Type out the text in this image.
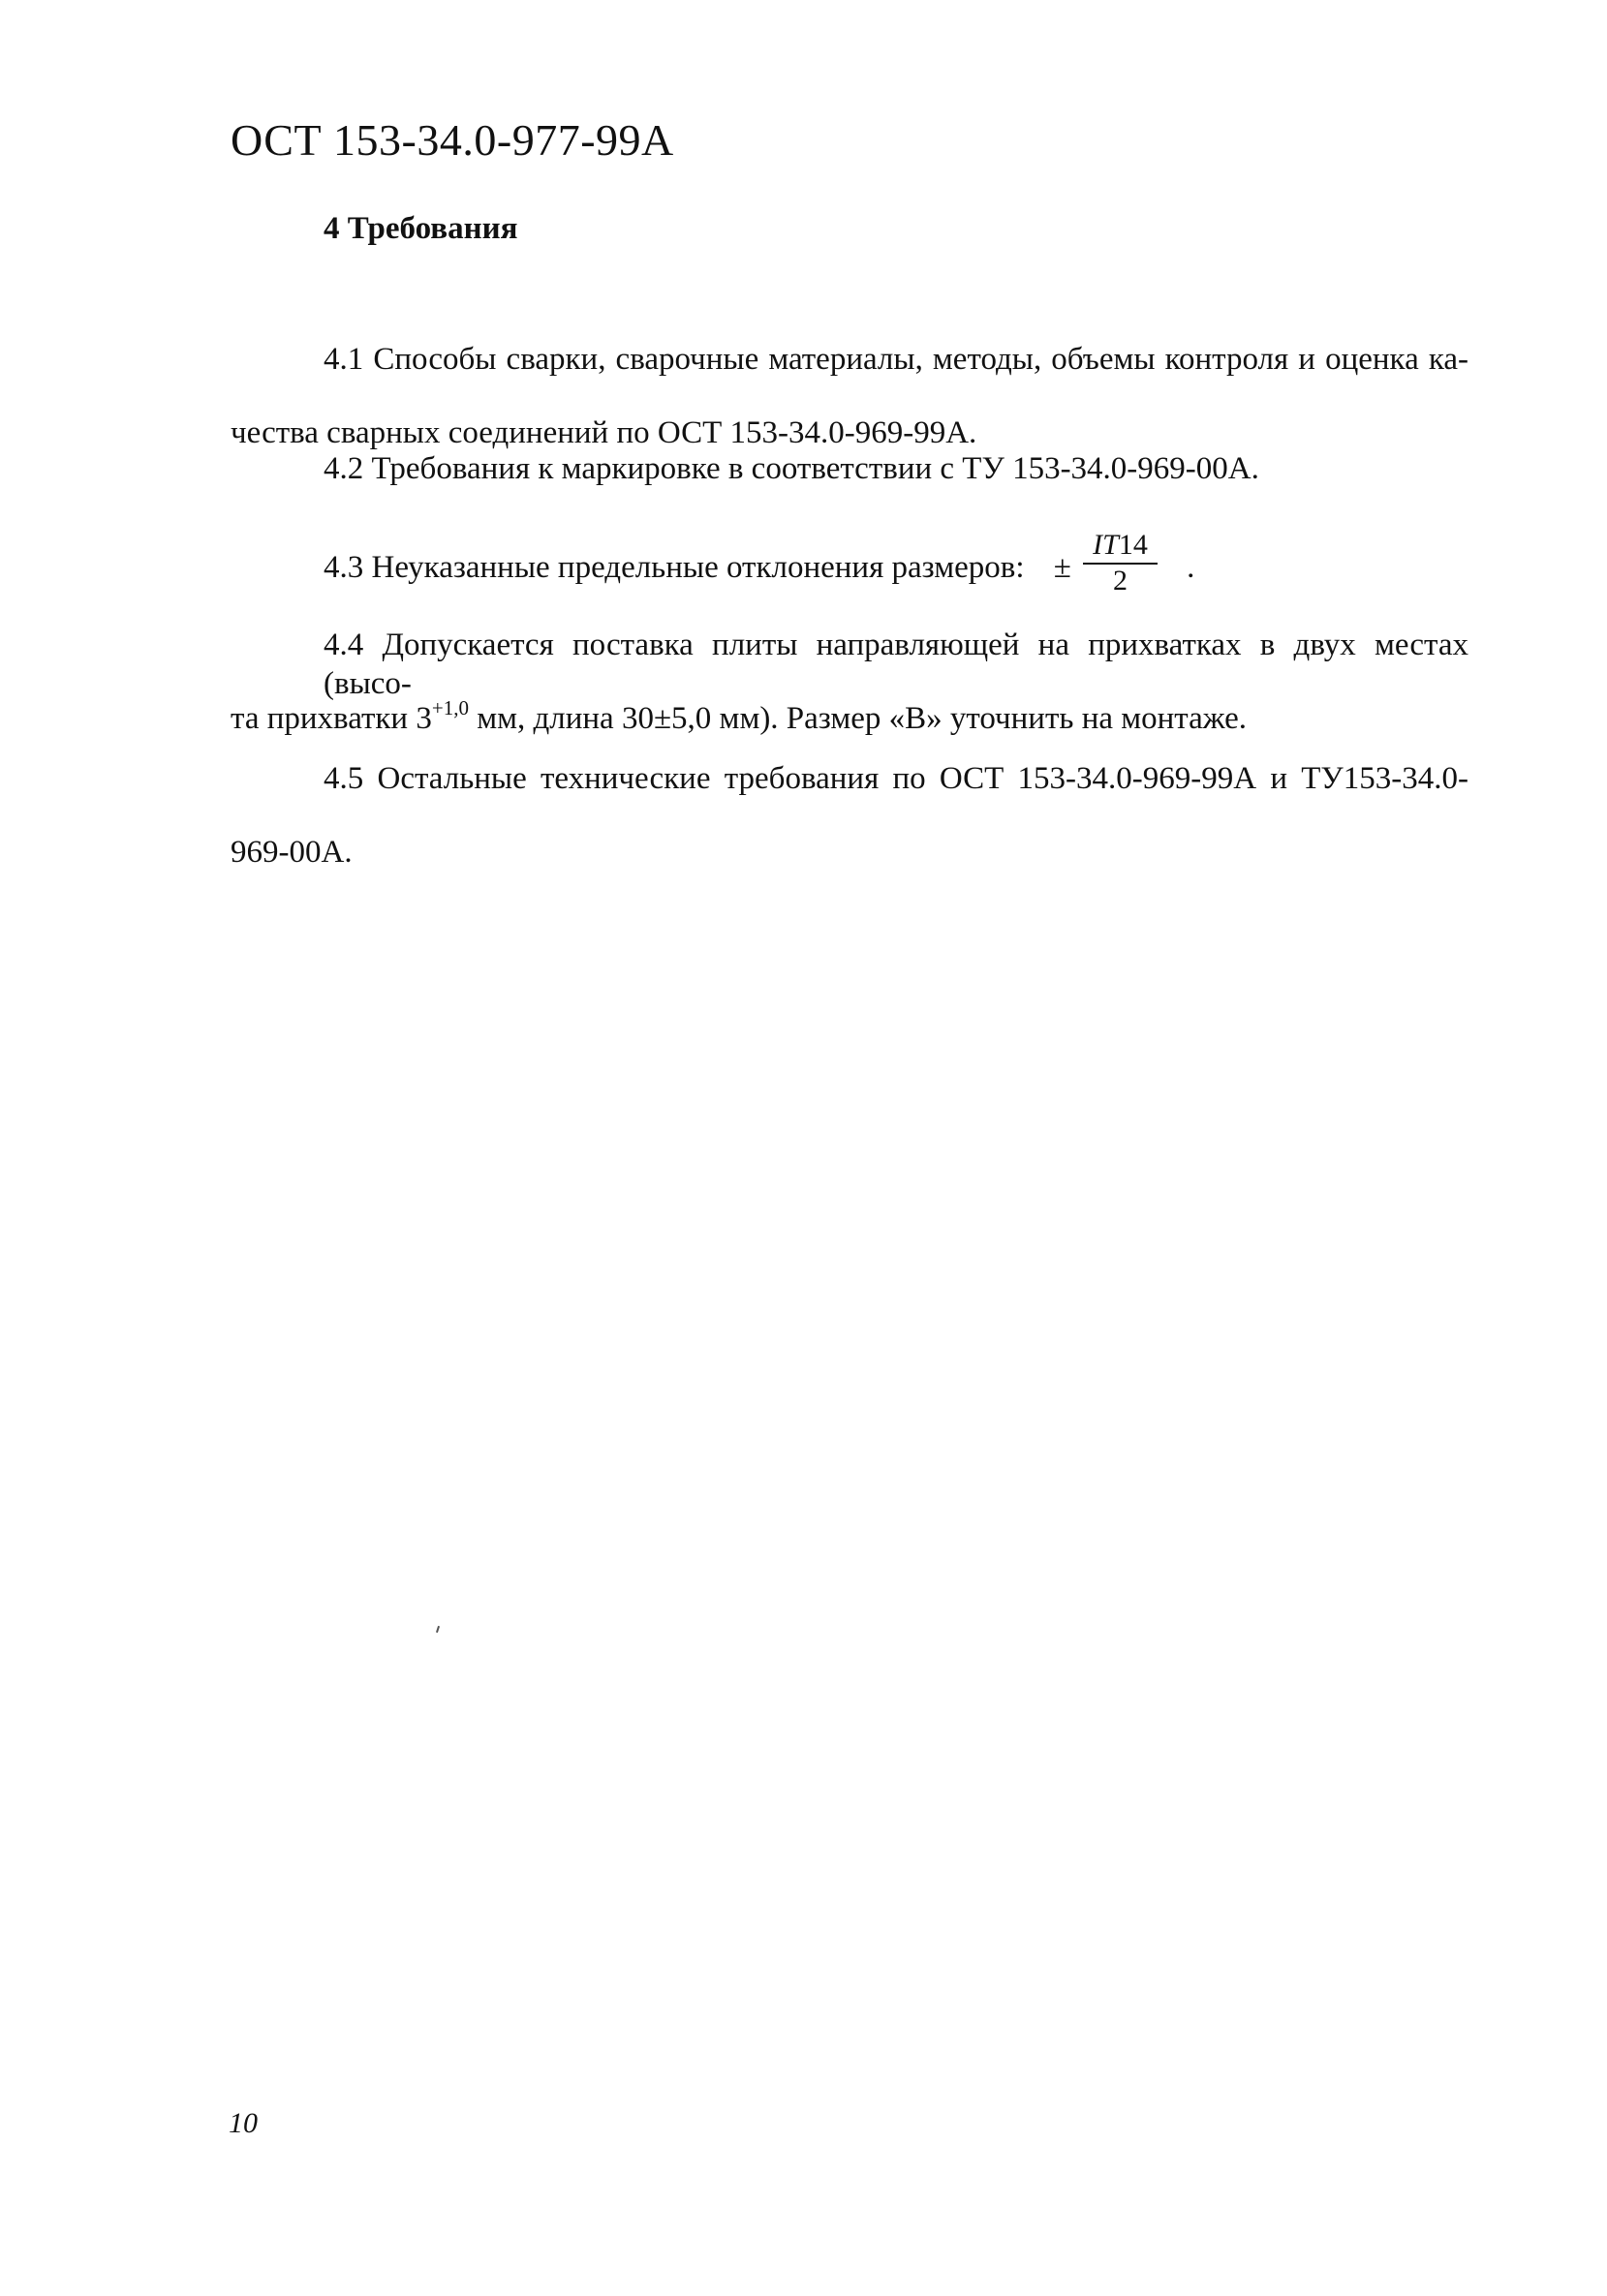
ОСТ 153-34.0-977-99А
4 Требования
4.1 Способы сварки, сварочные материалы, методы, объемы контроля и оценка ка-
чества сварных соединений по ОСТ 153-34.0-969-99А.
4.2 Требования к маркировке в соответствии с ТУ 153-34.0-969-00А.
4.3 Неуказанные предельные отклонения размеров: ± $\frac{IT14}{2}$ .
4.4 Допускается поставка плиты направляющей на прихватках в двух местах (высо-
та прихватки $3^{+1,0}$ мм, длина 30±5,0 мм). Размер «В» уточнить на монтаже.
4.5 Остальные технические требования по ОСТ 153-34.0-969-99А и ТУ153-34.0-
969-00А.
10
